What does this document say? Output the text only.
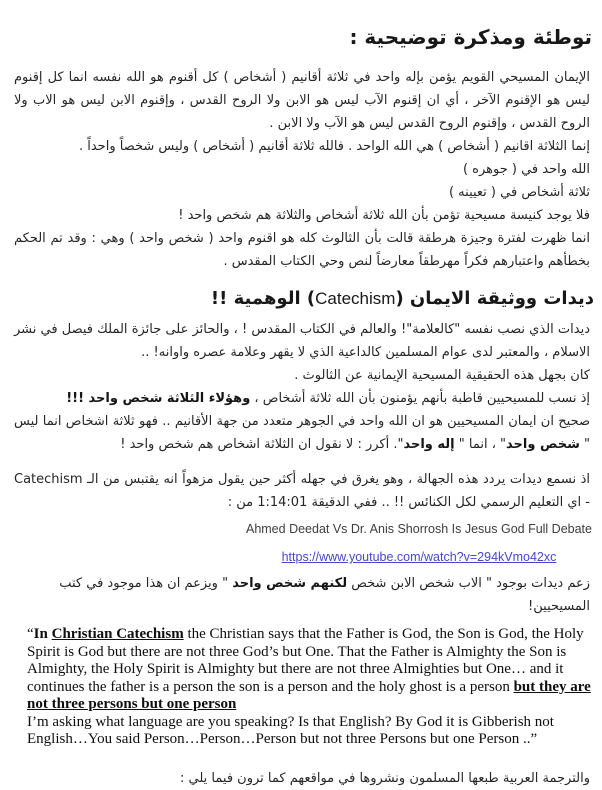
توطئة ومذكرة توضيحية :
الإيمان المسيحي القويم يؤمن بإله واحد في ثلاثة أقانيم ( أشخاص ) كل أقنوم هو الله نفسه انما كل إقنوم ليس هو الإقنوم الآخر ، أي ان إقنوم الآب ليس هو الابن ولا الروح القدس ، وإقنوم الابن ليس هو الاب ولا الروح القدس ، وإقنوم الروح القدس ليس هو الآب ولا الابن .
إنما الثلاثة اقانيم ( أشخاص ) هي الله الواحد . فالله ثلاثة أقانيم ( أشخاص ) وليس شخصاً واحداً .
الله واحد في ( جوهره )
ثلاثة أشخاص في ( تعيينه )
فلا يوجد كنيسة مسيحية تؤمن بأن الله ثلاثة أشخاص والثلاثة هم شخص واحد !
انما ظهرت لفترة وجيزة هرطقة قالت بأن الثالوث كله هو اقنوم واحد ( شخص واحد ) وهي : وقد تم الحكم بخطأهم واعتبارهم فكراً مهرطقاً معارضاً لنص وحي الكتاب المقدس .
ديدات ووثيقة الايمان (Catechism) الوهمية !!
ديدات الذي نصب نفسه "كالعلامة"! والعالم في الكتاب المقدس ! ، والحائز على جائزة الملك فيصل في نشر الاسلام ، والمعتبر لدى عوام المسلمين كالداعية الذي لا يقهر وعلامة عصره واوانه! ..
كان بجهل هذه الحقيقية المسيحية الإيمانية عن الثالوث .
إذ نسب للمسيحيين قاطبة بأنهم يؤمنون بأن الله ثلاثة أشخاص ، وهؤلاء الثلاثة شخص واحد !!!
صحيح ان ايمان المسيحيين هو ان الله واحد في الجوهر متعدد من جهة الأقانيم .. فهو ثلاثة اشخاص انما ليس " شخص واحد" ، انما " إله واحد". أكرر : لا نقول ان الثلاثة اشخاص هم شخص واحد !
اذ نسمع ديدات يردد هذه الجهالة ، وهو يغرق في جهله أكثر حين يقول مزهواً انه يقتبس من الـ Catechism - اي التعليم الرسمي لكل الكنائس !! .. ففي الدقيقة 1:14:01 من :
Ahmed Deedat Vs Dr. Anis Shorrosh Is Jesus God Full Debate
https://www.youtube.com/watch?v=294kVmo42xc
زعم ديدات بوجود " الاب شخص الابن شخص لكنهم شخص واحد " ويزعم ان هذا موجود في كتب المسيحيين!

“In Christian Catechism the Christian says that the Father is God, the Son is God, the Holy Spirit is God but there are not three God’s but One. That the Father is Almighty the Son is Almighty, the Holy Spirit is Almighty but there are not three Almighties but One… and it continues the father is a person the son is a person and the holy ghost is a person but they are not three persons but one person

I’m asking what language are you speaking? Is that English? By God it is Gibberish not English…You said Person…Person…Person but not three Persons but one Person ..”

والترجمة العربية طبعها المسلمون ونشروها في مواقعهم كما ترون فيما يلي :
